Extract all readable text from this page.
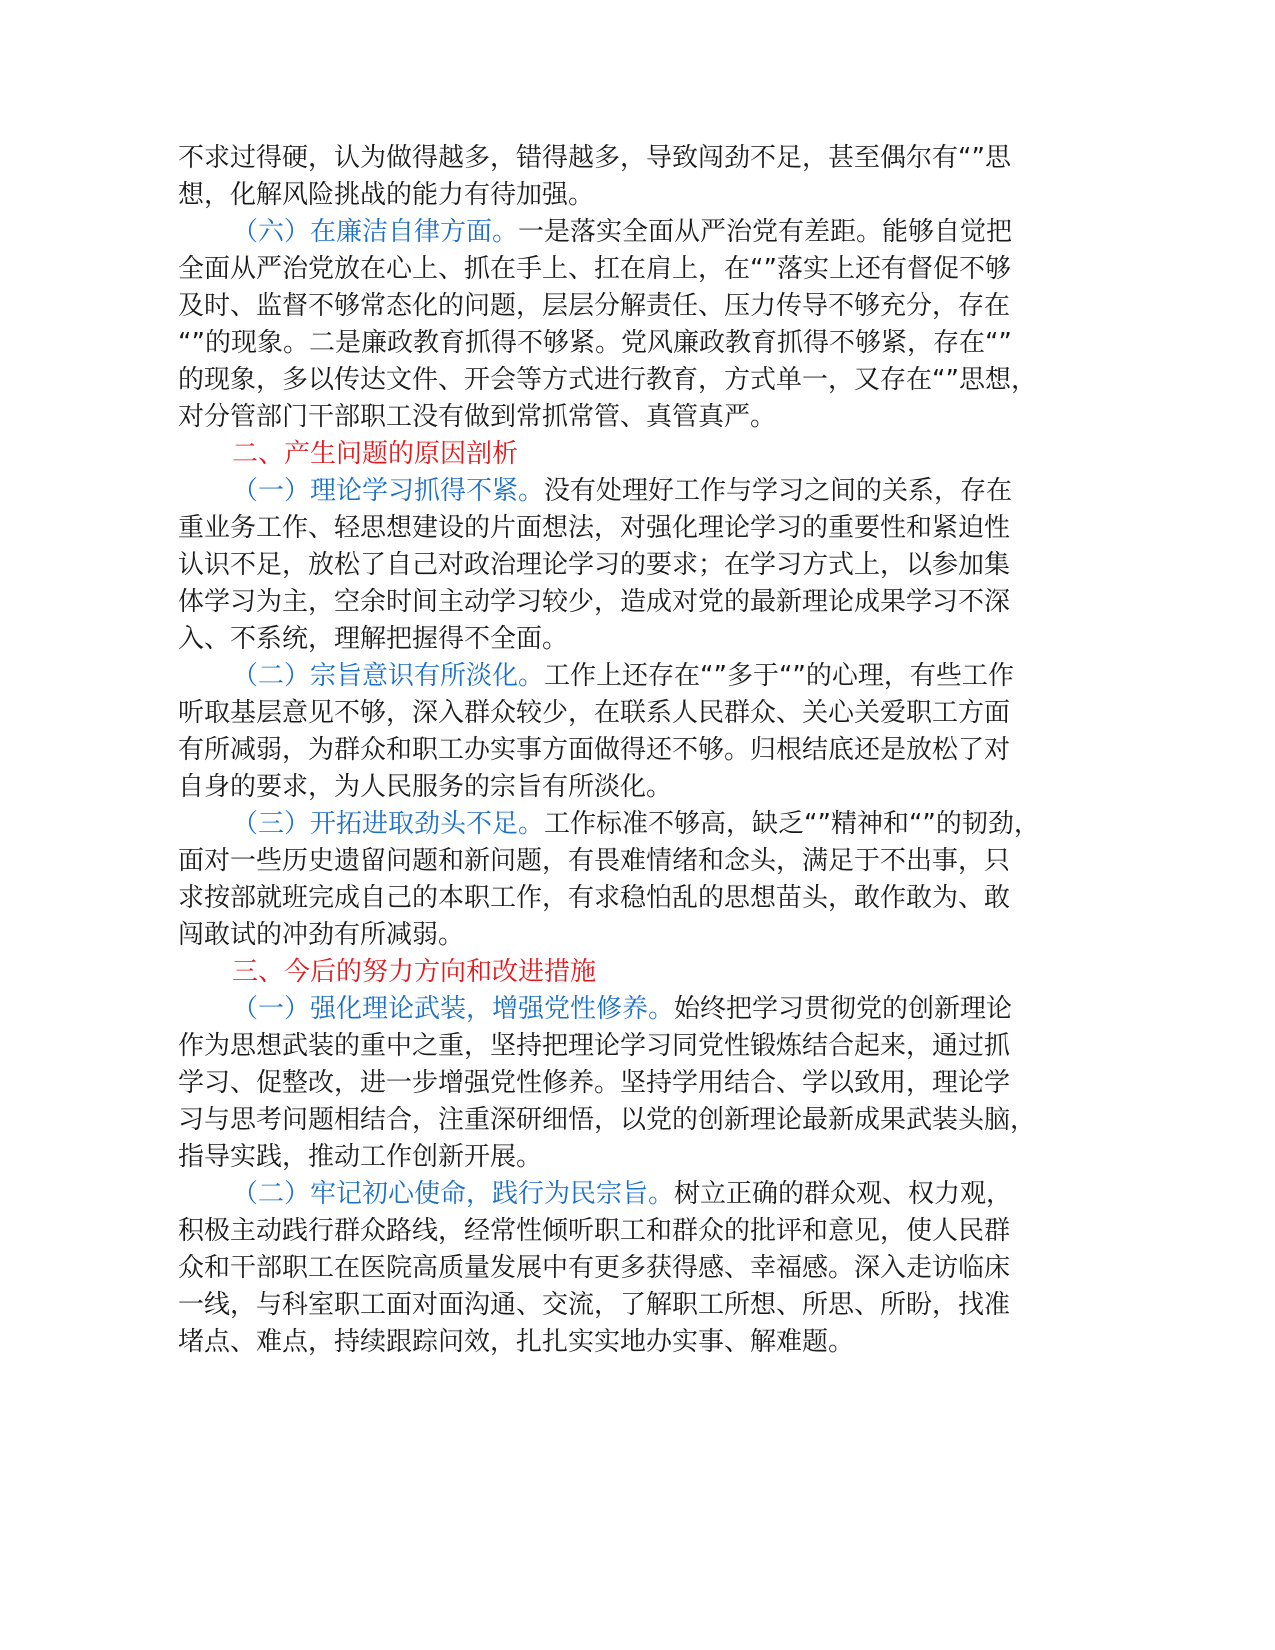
不求过得硬，认为做得越多，错得越多，导致闯劲不足，甚至偶尔有“”思
想，化解风险挑战的能力有待加强。
（六）在廉洁自律方面。一是落实全面从严治党有差距。能够自觉把
全面从严治党放在心上、抓在手上、扛在肩上，在“”落实上还有督促不够
及时、监督不够常态化的问题，层层分解责任、压力传导不够充分，存在
“”的现象。二是廉政教育抓得不够紧。党风廉政教育抓得不够紧，存在“”
的现象，多以传达文件、开会等方式进行教育，方式单一，又存在“”思想，
对分管部门干部职工没有做到常抓常管、真管真严。
二、产生问题的原因剖析
（一）理论学习抓得不紧。没有处理好工作与学习之间的关系，存在
重业务工作、轻思想建设的片面想法，对强化理论学习的重要性和紧迫性
认识不足，放松了自己对政治理论学习的要求；在学习方式上，以参加集
体学习为主，空余时间主动学习较少，造成对党的最新理论成果学习不深
入、不系统，理解把握得不全面。
（二）宗旨意识有所淡化。工作上还存在“”多于“”的心理，有些工作
听取基层意见不够，深入群众较少，在联系人民群众、关心关爱职工方面
有所减弱，为群众和职工办实事方面做得还不够。归根结底还是放松了对
自身的要求，为人民服务的宗旨有所淡化。
（三）开拓进取劲头不足。工作标准不够高，缺乏“”精神和“”的韧劲，
面对一些历史遗留问题和新问题，有畏难情绪和念头，满足于不出事，只
求按部就班完成自己的本职工作，有求稳怕乱的思想苗头，敢作敢为、敢
闯敢试的冲劲有所减弱。
三、今后的努力方向和改进措施
（一）强化理论武装，增强党性修养。始终把学习贯彻党的创新理论
作为思想武装的重中之重，坚持把理论学习同党性锻炼结合起来，通过抓
学习、促整改，进一步增强党性修养。坚持学用结合、学以致用，理论学
习与思考问题相结合，注重深研细悟，以党的创新理论最新成果武装头脑，
指导实践，推动工作创新开展。
（二）牢记初心使命，践行为民宗旨。树立正确的群众观、权力观，
积极主动践行群众路线，经常性倾听职工和群众的批评和意见，使人民群
众和干部职工在医院高质量发展中有更多获得感、幸福感。深入走访临床
一线，与科室职工面对面沟通、交流，了解职工所想、所思、所盼，找准
堵点、难点，持续跟踪问效，扎扎实实地办实事、解难题。
